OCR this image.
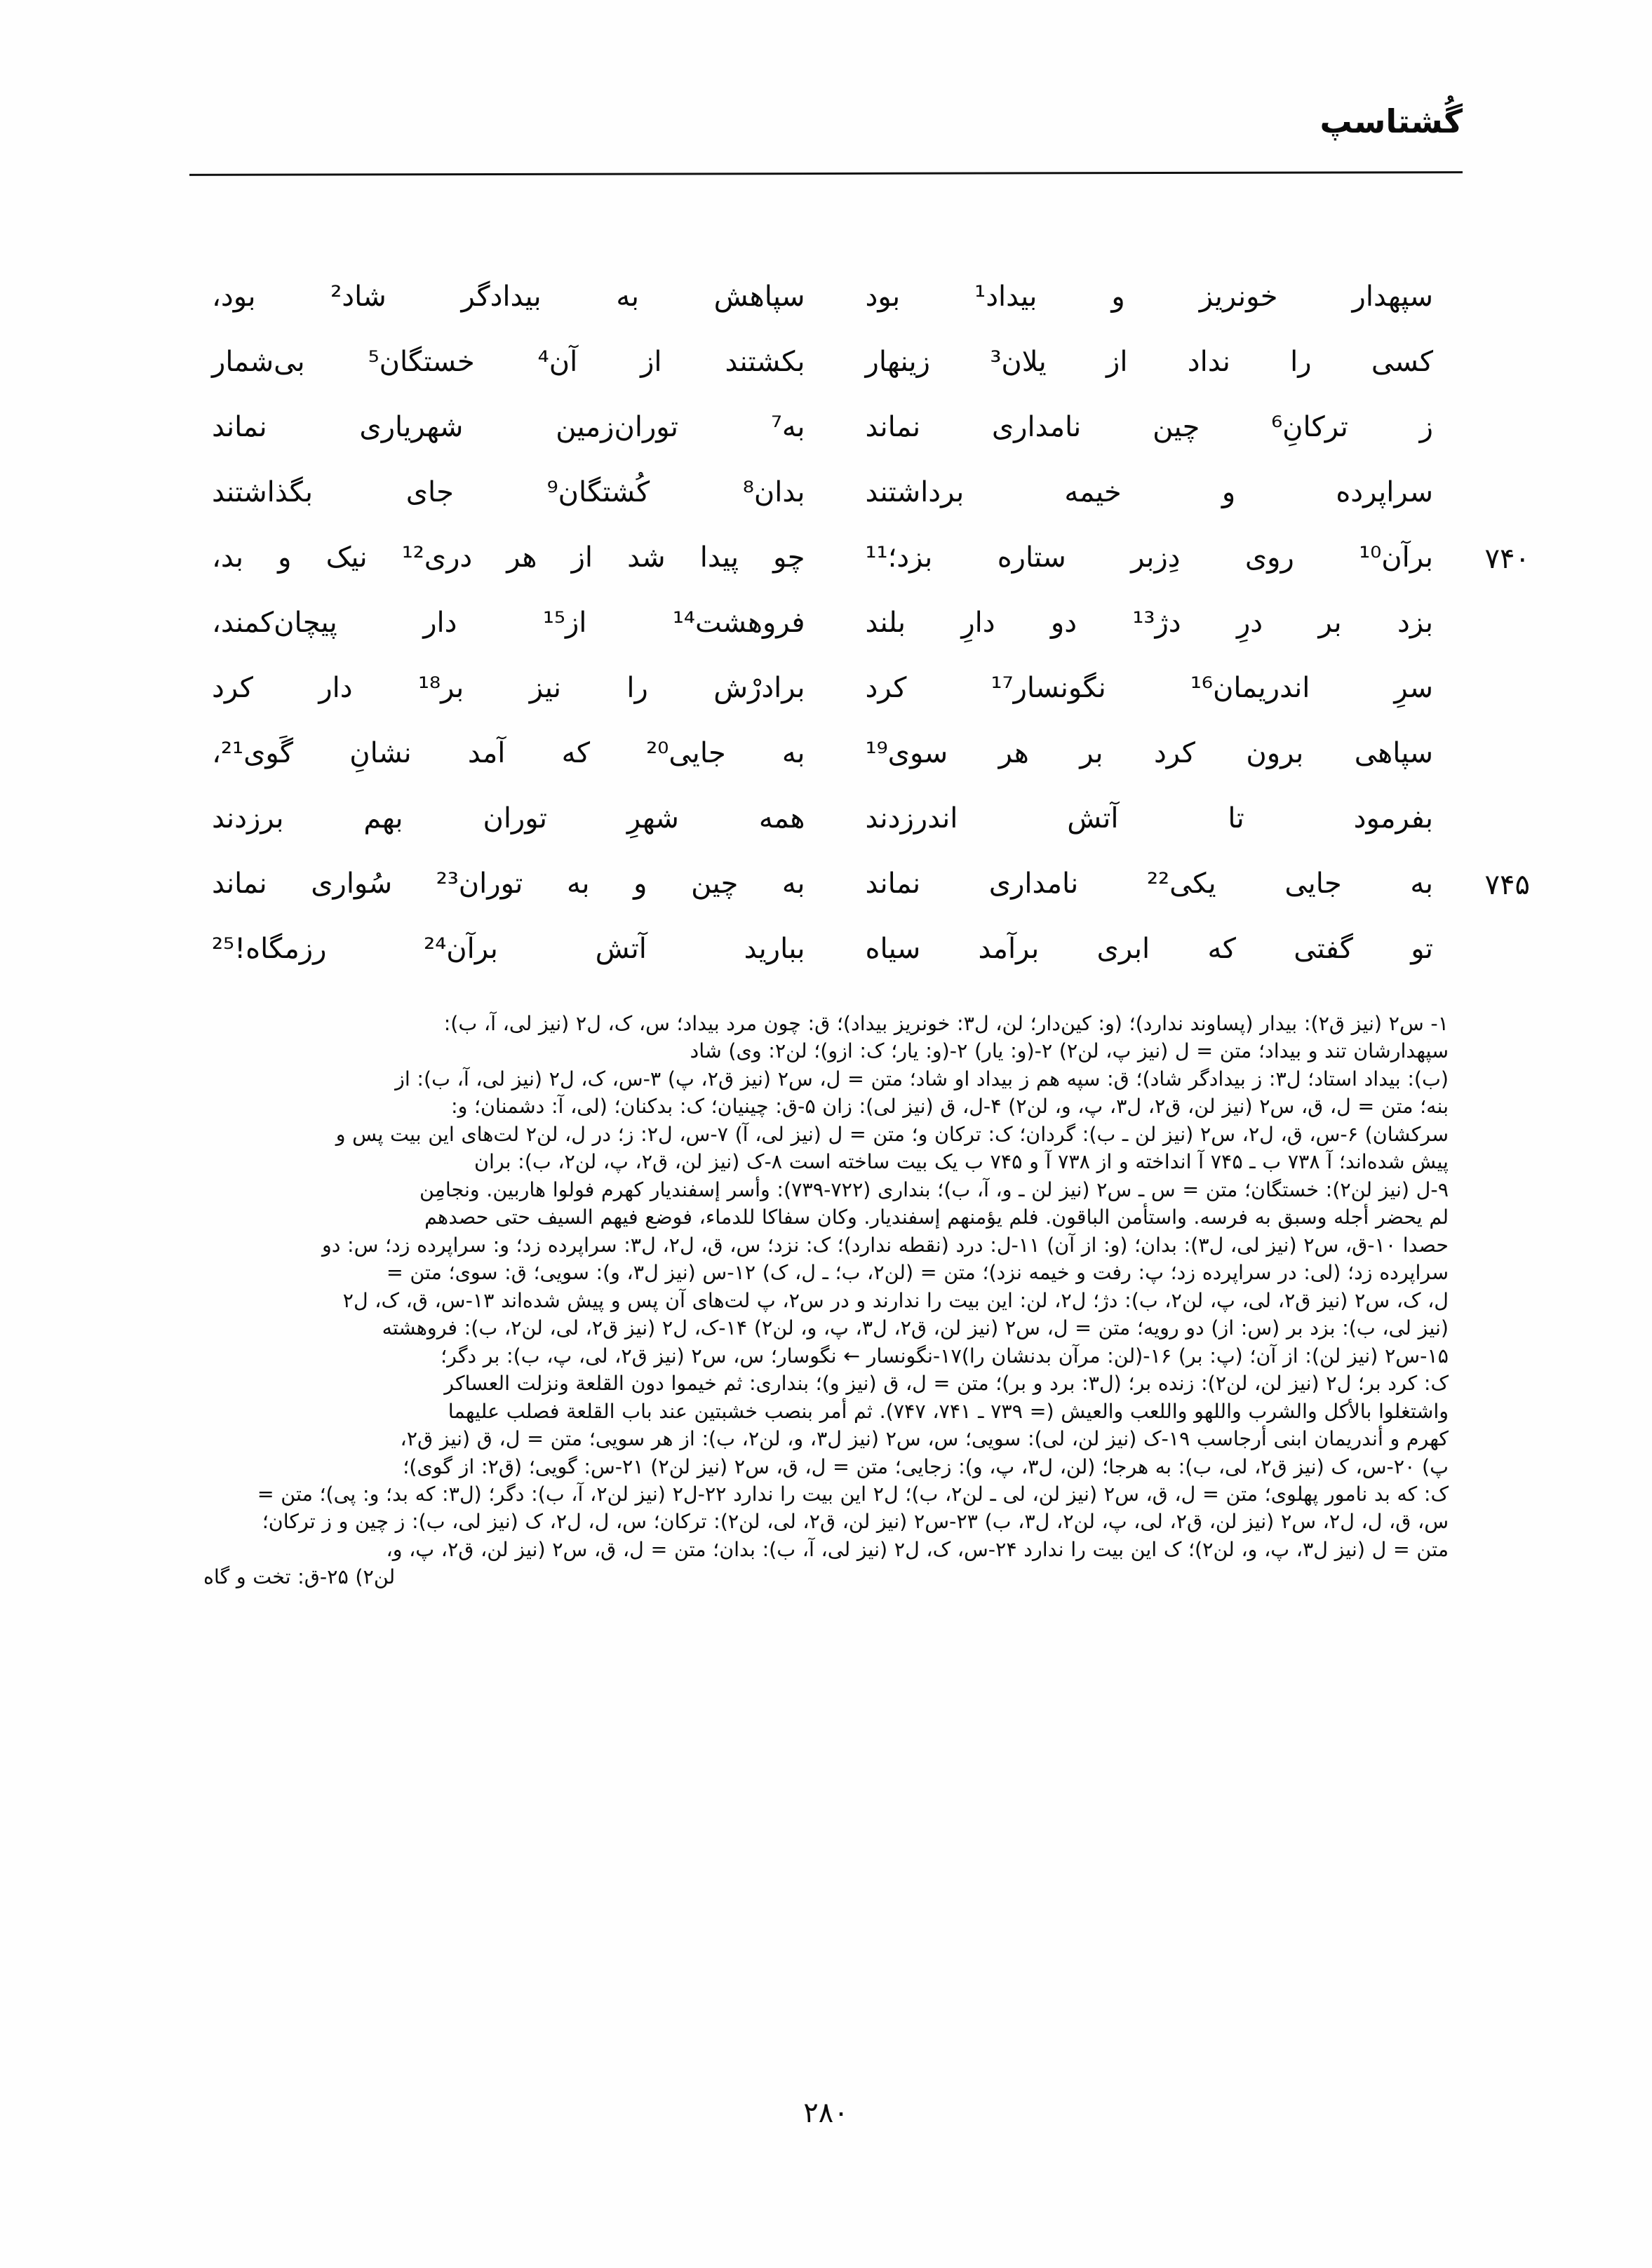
گُشتاسپ
سپهدار
خونریز
و
بیداد¹
بود
سپاهش
به
بیدادگر
شاد²
بود،
کسی
را
نداد
از
یلان³
زینهار
بکشتند
از
آن⁴
خستگان⁵
بی‌شمار
ز
ترکانِ⁶
چین
نامداری
نماند
به⁷
توران‌زمین
شهریاری
نماند
سراپرده
و
خیمه
برداشتند
بدان⁸
کُشتگان⁹
جای
بگذاشتند
۷۴۰
برآن¹⁰
روی
دِزبر
ستاره
بزد؛¹¹
چو
پیدا
شد
از
هر
دری¹²
نیک
و
بد،
بزد
بر
درِ
دژ¹³
دو
دارِ
بلند
فروهشت¹⁴
از¹⁵
دار
پیچان‌کمند،
سرِ
اندریمان¹⁶
نگونسار¹⁷
کرد
برادرْش
را
نیز
بر¹⁸
دار
کرد
سپاهی
برون
کرد
بر
هر
سوی¹⁹
به
جایی²⁰
که
آمد
نشانِ
گَوی²¹،
بفرمود
تا
آتش
اندرزدند
همه
شهرِ
توران
بهم
برزدند
۷۴۵
به
جایی
یکی²²
نامداری
نماند
به
چین
و
به
توران²³
سُواری
نماند
تو
گفتی
که
ابری
برآمد
سیاه
ببارید
آتش
برآن²⁴
رزمگاه!²⁵

۱- س۲ (نیز ق۲): بیدار (پساوند ندارد)؛ (و: کین‌دار؛ لن، ل۳: خونریز بیداد)؛ ق: چون مرد بیداد؛ س، ک، ل۲ (نیز لی، آ، ب):

سپهدارشان تند و بیداد؛ متن = ل (نیز پ، لن۲) ۲-(و: یار) ۲-(و: یار؛ ک: ازو)؛ لن۲: وی) شاد

(ب): بیداد استاد؛ ل۳: ز بیدادگر شاد)؛ ق: سپه هم ز بیداد او شاد؛ متن = ل، س۲ (نیز ق۲، پ) ۳-س، ک، ل۲ (نیز لی، آ، ب): از

بنه؛ متن = ل، ق، س۲ (نیز لن، ق۲، ل۳، پ، و، لن۲) ۴-ل، ق (نیز لی): زان ۵-ق: چینیان؛ ک: بدکنان؛ (لی، آ: دشمنان؛ و:

سرکشان) ۶-س، ق، ل۲، س۲ (نیز لن ـ ب): گردان؛ ک: ترکان و؛ متن = ل (نیز لی، آ) ۷-س، ل۲: ز؛ در ل، لن۲ لت‌های این بیت پس و

پیش شده‌اند؛ آ ۷۳۸ ب ـ ۷۴۵ آ انداخته و از ۷۳۸ آ و ۷۴۵ ب یک بیت ساخته است ۸-ک (نیز لن، ق۲، پ، لن۲، ب): بران

۹-ل (نیز لن۲): خستگان؛ متن = س ـ س۲ (نیز لن ـ و، آ، ب)؛ بنداری (۷۲۲-۷۳۹): وأسر إسفندیار کهرم فولوا هاربین. ونجامِن

لم یحضر أجله وسبق به فرسه. واستأمن الباقون. فلم یؤمنهم إسفندیار. وكان سفاكا للدماء، فوضع فیهم السیف حتی حصدهم

حصدا ۱۰-ق، س۲ (نیز لی، ل۳): بدان؛ (و: از آن) ۱۱-ل: درد (نقطه ندارد)؛ ک: نزد؛ س، ق، ل۲، ل۳: سراپرده زد؛ و: سراپرده زد؛ س: دو

سراپرده زد؛ (لی: در سراپرده زد؛ پ: رفت و خیمه نزد)؛ متن = (لن۲، ب؛ ـ ل، ک) ۱۲-س (نیز ل۳، و): سویی؛ ق: سوی؛ متن =

ل، ک، س۲ (نیز ق۲، لی، پ، لن۲، ب): دژ؛ ل۲، لن: این بیت را ندارند و در س۲، پ لت‌های آن پس و پیش شده‌اند ۱۳-س، ق، ک، ل۲

(نیز لی، ب): بزد بر (س: از) دو رویه؛ متن = ل، س۲ (نیز لن، ق۲، ل۳، پ، و، لن۲) ۱۴-ک، ل۲ (نیز ق۲، لی، لن۲، ب): فروهشته

۱۵-س۲ (نیز لن): از آن؛ (پ: بر) ۱۶-(لن: مرآن بدنشان را)۱۷-نگونسار ← نگوسار؛ س، س۲ (نیز ق۲، لی، پ، ب): بر دگر؛

ک: کرد بر؛ ل۲ (نیز لن، لن۲): زنده بر؛ (ل۳: برد و بر)؛ متن = ل، ق (نیز و)؛ بنداری: ثم خیموا دون القلعة ونزلت العساکر

واشتغلوا بالأكل والشرب واللهو واللعب والعیش (= ۷۳۹ ـ ۷۴۱، ۷۴۷). ثم أمر بنصب خشبتین عند باب القلعة فصلب علیهما

کهرم و أندریمان ابنی أرجاسب ۱۹-ک (نیز لن، لی): سویی؛ س، س۲ (نیز ل۳، و، لن۲، ب): از هر سویی؛ متن = ل، ق (نیز ق۲،

پ) ۲۰-س، ک (نیز ق۲، لی، ب): به هرجا؛ (لن، ل۳، پ، و): زجایی؛ متن = ل، ق، س۲ (نیز لن۲) ۲۱-س: گویی؛ (ق۲: از گوی)؛

ک: که بد نامور پهلوی؛ متن = ل، ق، س۲ (نیز لن، لی ـ لن۲، ب)؛ ل۲ این بیت را ندارد ۲۲-ل۲ (نیز لن۲، آ، ب): دگر؛ (ل۳: که بد؛ و: پی)؛ متن =

س، ق، ل، ل۲، س۲ (نیز لن، ق۲، لی، پ، لن۲، ل۳، ب) ۲۳-س۲ (نیز لن، ق۲، لی، لن۲): ترکان؛ س، ل، ل۲، ک (نیز لی، ب): ز چین و ز ترکان؛

متن = ل (نیز ل۳، پ، و، لن۲)؛ ک این بیت را ندارد ۲۴-س، ک، ل۲ (نیز لی، آ، ب): بدان؛ متن = ل، ق، س۲ (نیز لن، ق۲، پ، و،

لن۲) ۲۵-ق: تخت و گاه

۲۸۰
